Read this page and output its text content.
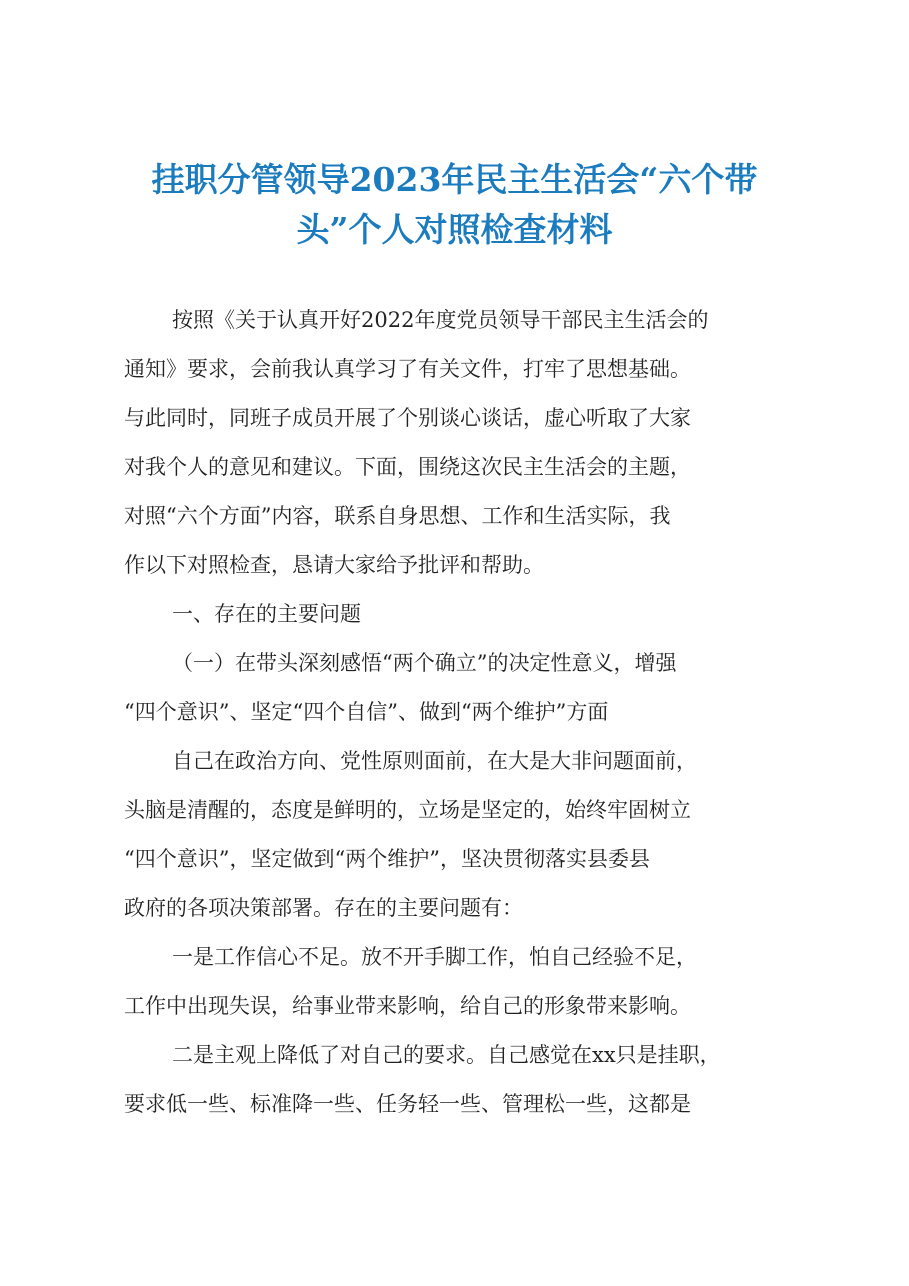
挂职分管领导2023年民主生活会“六个带
头”个人对照检查材料

按照《关于认真开好2022年度党员领导干部民主生活会的

通知》要求，会前我认真学习了有关文件，打牢了思想基础。

与此同时，同班子成员开展了个别谈心谈话，虚心听取了大家

对我个人的意见和建议。下面，围绕这次民主生活会的主题，

对照“六个方面”内容，联系自身思想、工作和生活实际，我

作以下对照检查，恳请大家给予批评和帮助。

一、存在的主要问题

（一）在带头深刻感悟“两个确立”的决定性意义，增强

“四个意识”、坚定“四个自信”、做到“两个维护”方面

自己在政治方向、党性原则面前，在大是大非问题面前，

头脑是清醒的，态度是鲜明的，立场是坚定的，始终牢固树立

“四个意识”，坚定做到“两个维护”，坚决贯彻落实县委县

政府的各项决策部署。存在的主要问题有：

一是工作信心不足。放不开手脚工作，怕自己经验不足，

工作中出现失误，给事业带来影响，给自己的形象带来影响。

二是主观上降低了对自己的要求。自己感觉在xx只是挂职，

要求低一些、标准降一些、任务轻一些、管理松一些，这都是
